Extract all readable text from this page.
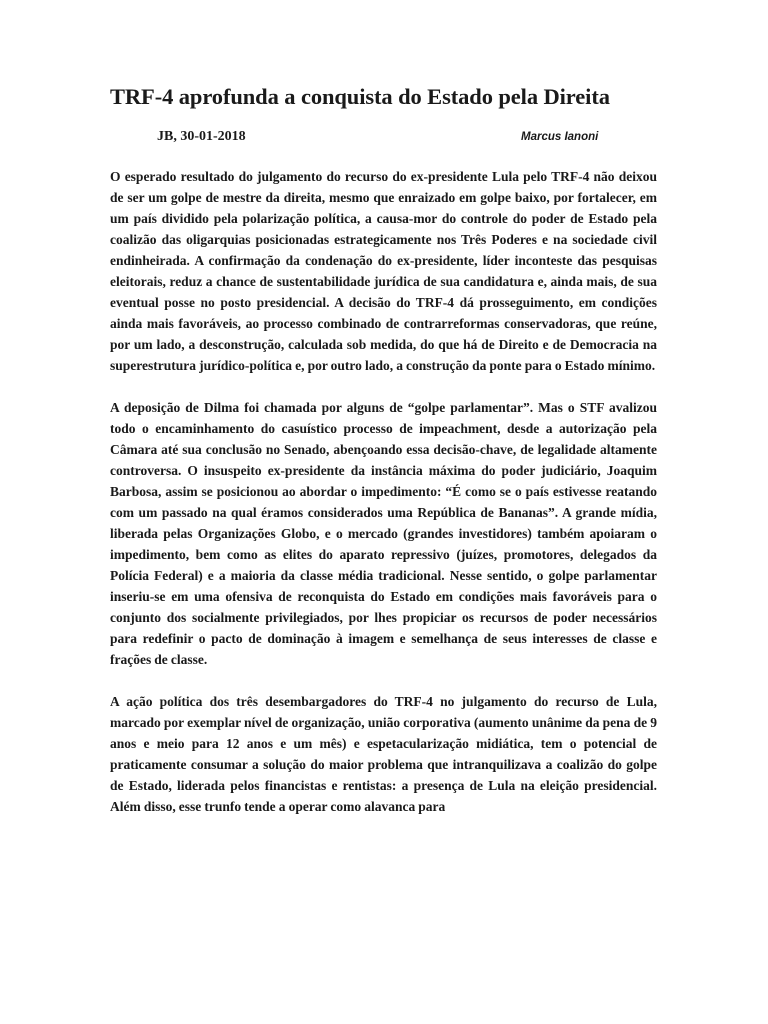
TRF-4 aprofunda a conquista do Estado pela Direita
JB, 30-01-2018	Marcus Ianoni

O esperado resultado do julgamento do recurso do ex-presidente Lula pelo TRF-4 não deixou de ser um golpe de mestre da direita, mesmo que enraizado em golpe baixo, por fortalecer, em um país dividido pela polarização política, a causa-mor do controle do poder de Estado pela coalizão das oligarquias posicionadas estrategicamente nos Três Poderes e na sociedade civil endinheirada. A confirmação da condenação do ex-presidente, líder inconteste das pesquisas eleitorais, reduz a chance de sustentabilidade jurídica de sua candidatura e, ainda mais, de sua eventual posse no posto presidencial. A decisão do TRF-4 dá prosseguimento, em condições ainda mais favoráveis, ao processo combinado de contrarreformas conservadoras, que reúne, por um lado, a desconstrução, calculada sob medida, do que há de Direito e de Democracia na superestrutura jurídico-política e, por outro lado, a construção da ponte para o Estado mínimo.

A deposição de Dilma foi chamada por alguns de “golpe parlamentar”. Mas o STF avalizou todo o encaminhamento do casuístico processo de impeachment, desde a autorização pela Câmara até sua conclusão no Senado, abençoando essa decisão-chave, de legalidade altamente controversa. O insuspeito ex-presidente da instância máxima do poder judiciário, Joaquim Barbosa, assim se posicionou ao abordar o impedimento: “É como se o país estivesse reatando com um passado na qual éramos considerados uma República de Bananas”. A grande mídia, liberada pelas Organizações Globo, e o mercado (grandes investidores) também apoiaram o impedimento, bem como as elites do aparato repressivo (juízes, promotores, delegados da Polícia Federal) e a maioria da classe média tradicional. Nesse sentido, o golpe parlamentar inseriu-se em uma ofensiva de reconquista do Estado em condições mais favoráveis para o conjunto dos socialmente privilegiados, por lhes propiciar os recursos de poder necessários para redefinir o pacto de dominação à imagem e semelhança de seus interesses de classe e frações de classe.

A ação política dos três desembargadores do TRF-4 no julgamento do recurso de Lula, marcado por exemplar nível de organização, união corporativa (aumento unânime da pena de 9 anos e meio para 12 anos e um mês) e espetacularização midiática, tem o potencial de praticamente consumar a solução do maior problema que intranquilizava a coalizão do golpe de Estado, liderada pelos financistas e rentistas: a presença de Lula na eleição presidencial. Além disso, esse trunfo tende a operar como alavanca para
